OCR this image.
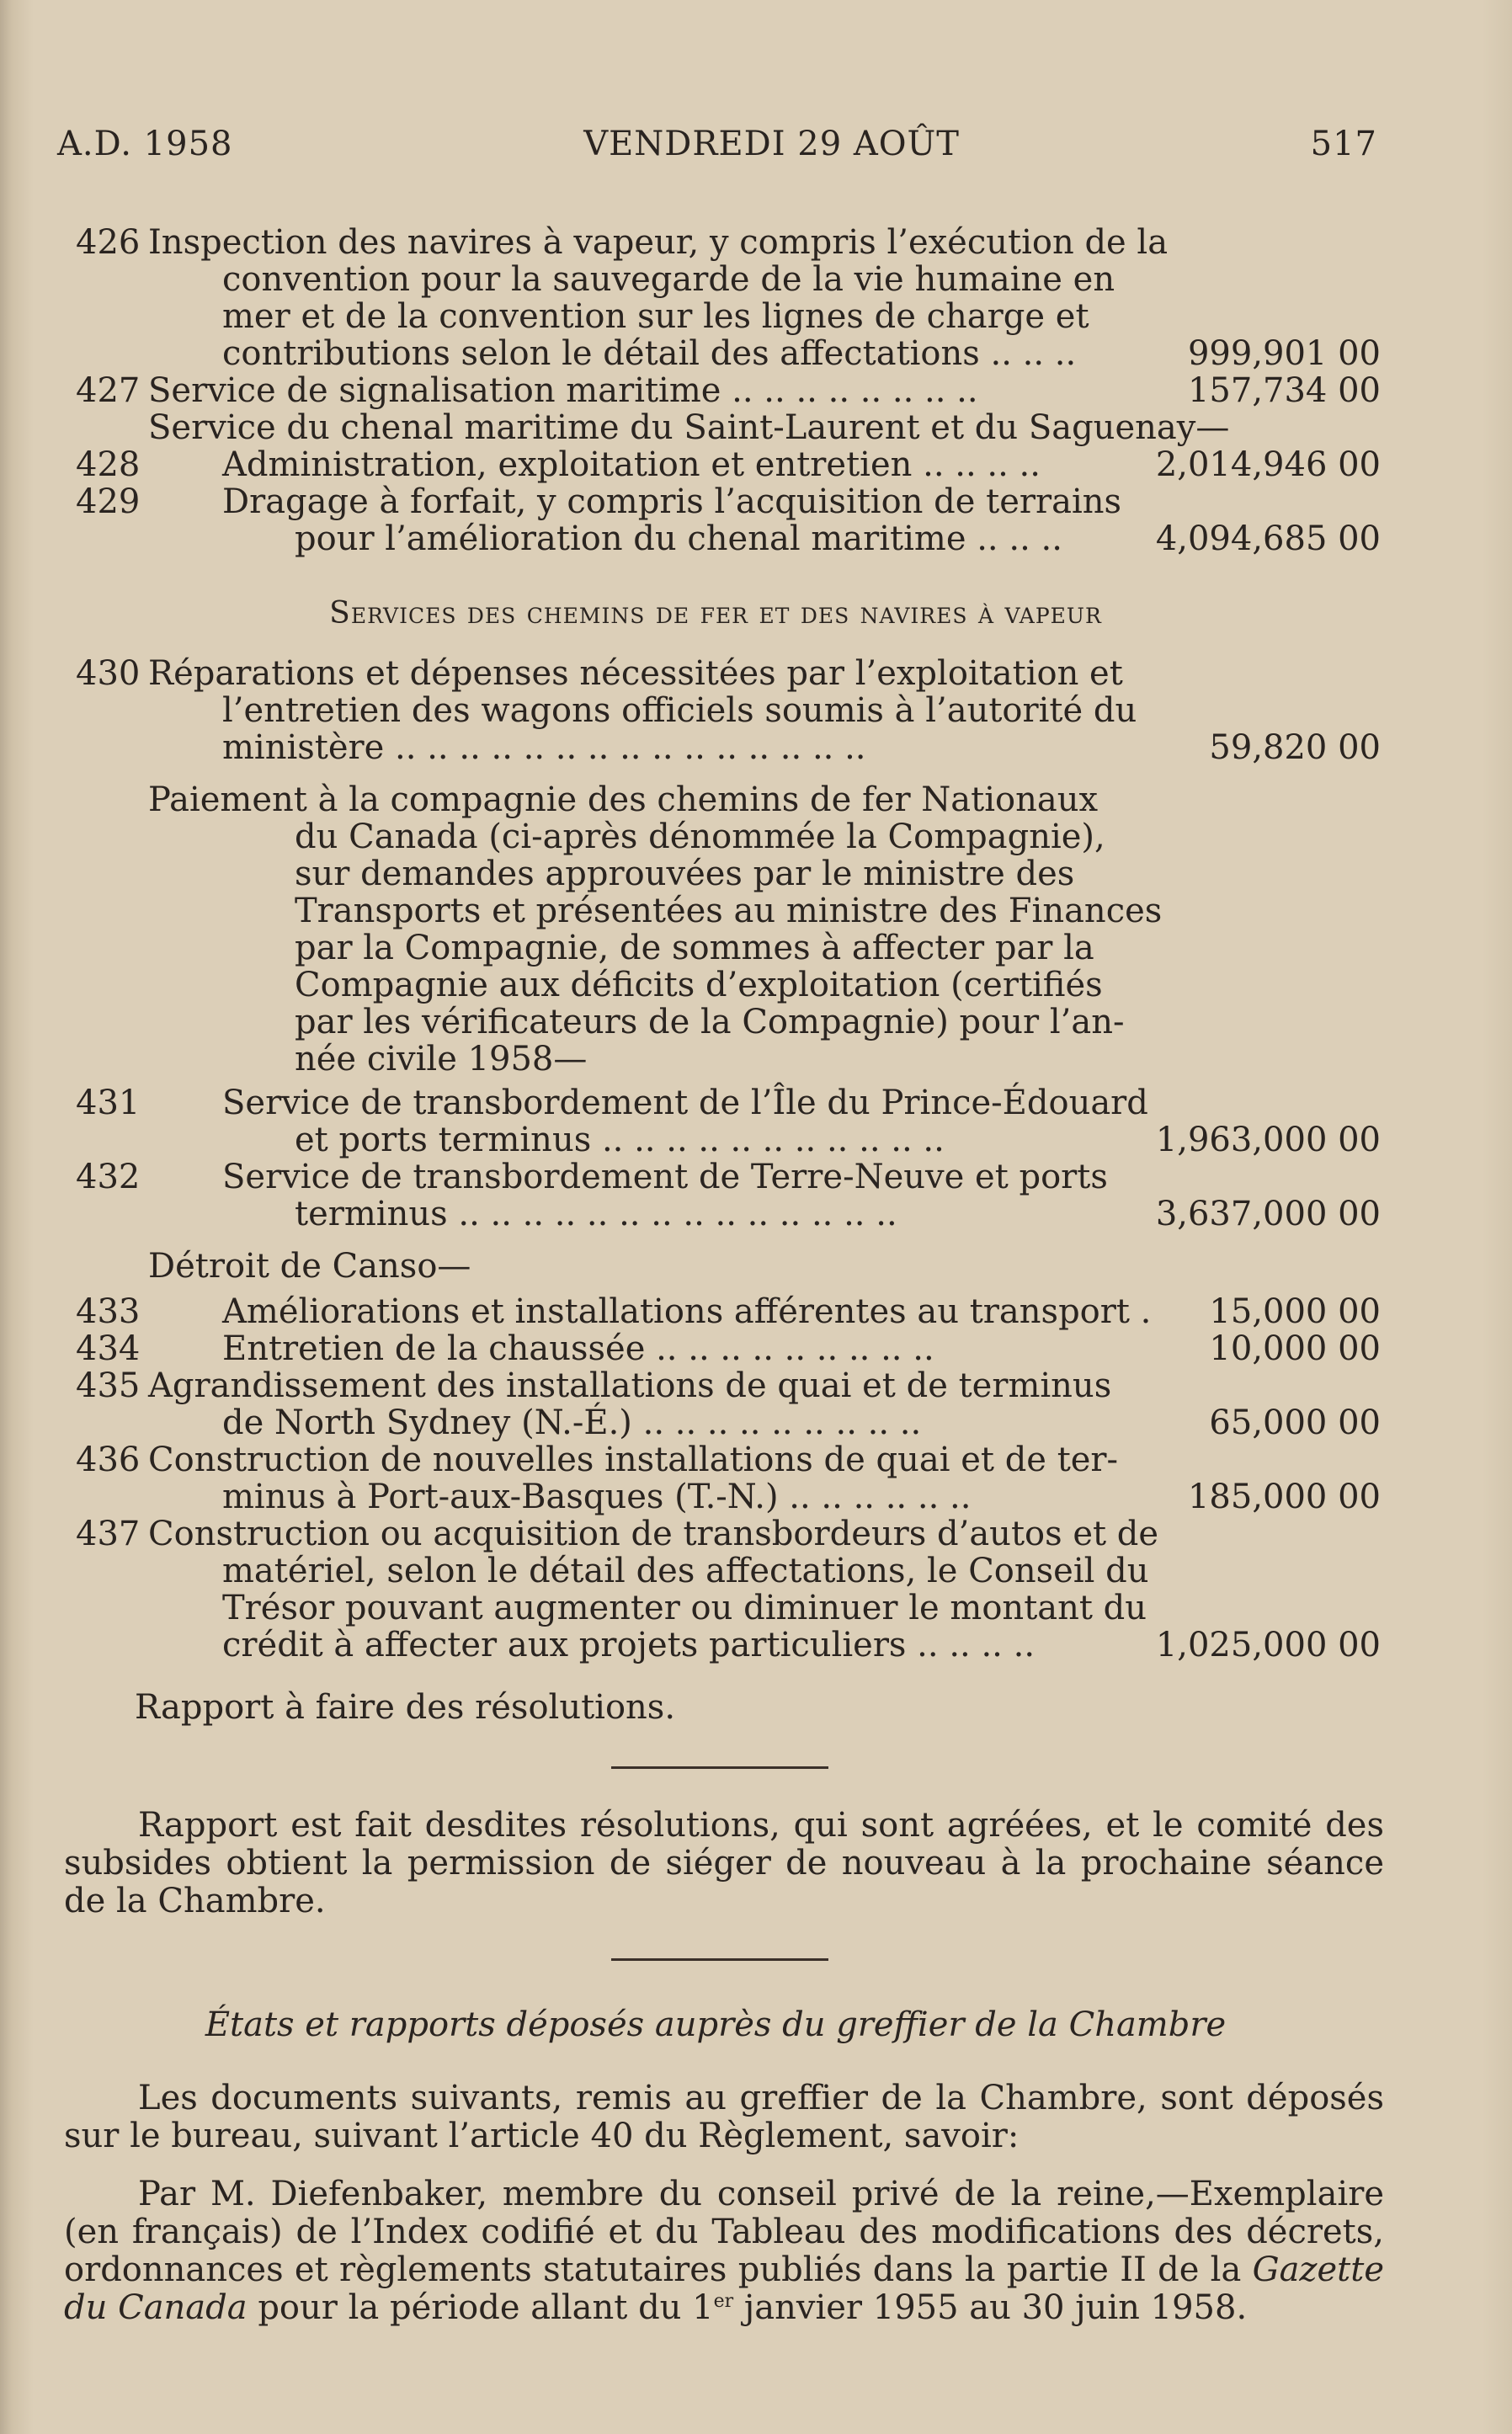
A.D. 1958	VENDREDI 29 AOÛT	517
426 Inspection des navires à vapeur, y compris l’exécution de la
convention pour la sauvegarde de la vie humaine en
mer et de la convention sur les lignes de charge et
contributions selon le détail des affectations .. .. ..	999,901 00
427 Service de signalisation maritime .. .. .. .. .. .. .. ..	157,734 00
Service du chenal maritime du Saint-Laurent et du Saguenay—
428 Administration, exploitation et entretien .. .. .. ..	2,014,946 00
429 Dragage à forfait, y compris l’acquisition de terrains
pour l’amélioration du chenal maritime .. .. ..	4,094,685 00
Services des chemins de fer et des navires à vapeur
430 Réparations et dépenses nécessitées par l’exploitation et
l’entretien des wagons officiels soumis à l’autorité du
ministère .. .. .. .. .. .. .. .. .. .. .. .. .. .. ..	59,820 00
Paiement à la compagnie des chemins de fer Nationaux
du Canada (ci-après dénommée la Compagnie),
sur demandes approuvées par le ministre des
Transports et présentées au ministre des Finances
par la Compagnie, de sommes à affecter par la
Compagnie aux déficits d’exploitation (certifiés
par les vérificateurs de la Compagnie) pour l’an-
née civile 1958—
431 Service de transbordement de l’Île du Prince-Édouard
et ports terminus .. .. .. .. .. .. .. .. .. .. ..	1,963,000 00
432 Service de transbordement de Terre-Neuve et ports
terminus .. .. .. .. .. .. .. .. .. .. .. .. .. ..	3,637,000 00
Détroit de Canso—
433 Améliorations et installations afférentes au transport . 15,000 00
434 Entretien de la chaussée .. .. .. .. .. .. .. .. ..	10,000 00
435 Agrandissement des installations de quai et de terminus
de North Sydney (N.-É.) .. .. .. .. .. .. .. .. ..	65,000 00
436 Construction de nouvelles installations de quai et de ter-
minus à Port-aux-Basques (T.-N.) .. .. .. .. .. ..	185,000 00
437 Construction ou acquisition de transbordeurs d’autos et de
matériel, selon le détail des affectations, le Conseil du
Trésor pouvant augmenter ou diminuer le montant du
crédit à affecter aux projets particuliers .. .. .. ..	1,025,000 00
Rapport à faire des résolutions.

Rapport est fait desdites résolutions, qui sont agréées, et le comité des subsides obtient la permission de siéger de nouveau à la prochaine séance de la Chambre.

États et rapports déposés auprès du greffier de la Chambre

Les documents suivants, remis au greffier de la Chambre, sont déposés sur le bureau, suivant l’article 40 du Règlement, savoir:

Par M. Diefenbaker, membre du conseil privé de la reine,—Exemplaire (en français) de l’Index codifié et du Tableau des modifications des décrets, ordonnances et règlements statutaires publiés dans la partie II de la Gazette du Canada pour la période allant du 1er janvier 1955 au 30 juin 1958.
